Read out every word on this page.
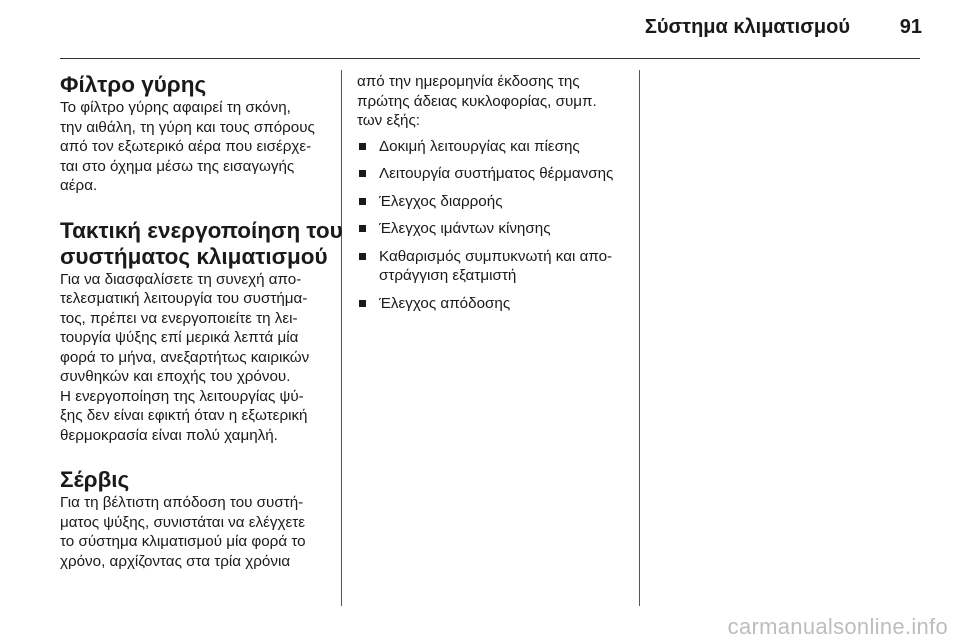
Σύστημα κλιματισμού	91
Φίλτρο γύρης

Το φίλτρο γύρης αφαιρεί τη σκόνη,

την αιθάλη, τη γύρη και τους σπόρους

από τον εξωτερικό αέρα που εισέρχε-

ται στο όχημα μέσω της εισαγωγής

αέρα.

Τακτική ενεργοποίηση του
συστήματος κλιματισμού

Για να διασφαλίσετε τη συνεχή απο-

τελεσματική λειτουργία του συστήμα-

τος, πρέπει να ενεργοποιείτε τη λει-

τουργία ψύξης επί μερικά λεπτά μία

φορά το μήνα, ανεξαρτήτως καιρικών

συνθηκών και εποχής του χρόνου.

Η ενεργοποίηση της λειτουργίας ψύ-

ξης δεν είναι εφικτή όταν η εξωτερική

θερμοκρασία είναι πολύ χαμηλή.

Σέρβις

Για τη βέλτιστη απόδοση του συστή-

ματος ψύξης, συνιστάται να ελέγχετε

το σύστημα κλιματισμού μία φορά το

χρόνο, αρχίζοντας στα τρία χρόνια

από την ημερομηνία έκδοσης της

πρώτης άδειας κυκλοφορίας, συμπ.

των εξής:

Δοκιμή λειτουργίας και πίεσης
Λειτουργία συστήματος θέρμανσης
Έλεγχος διαρροής
Έλεγχος ιμάντων κίνησης
Καθαρισμός συμπυκνωτή και απο-
στράγγιση εξατμιστή
Έλεγχος απόδοσης
carmanualsonline.info
